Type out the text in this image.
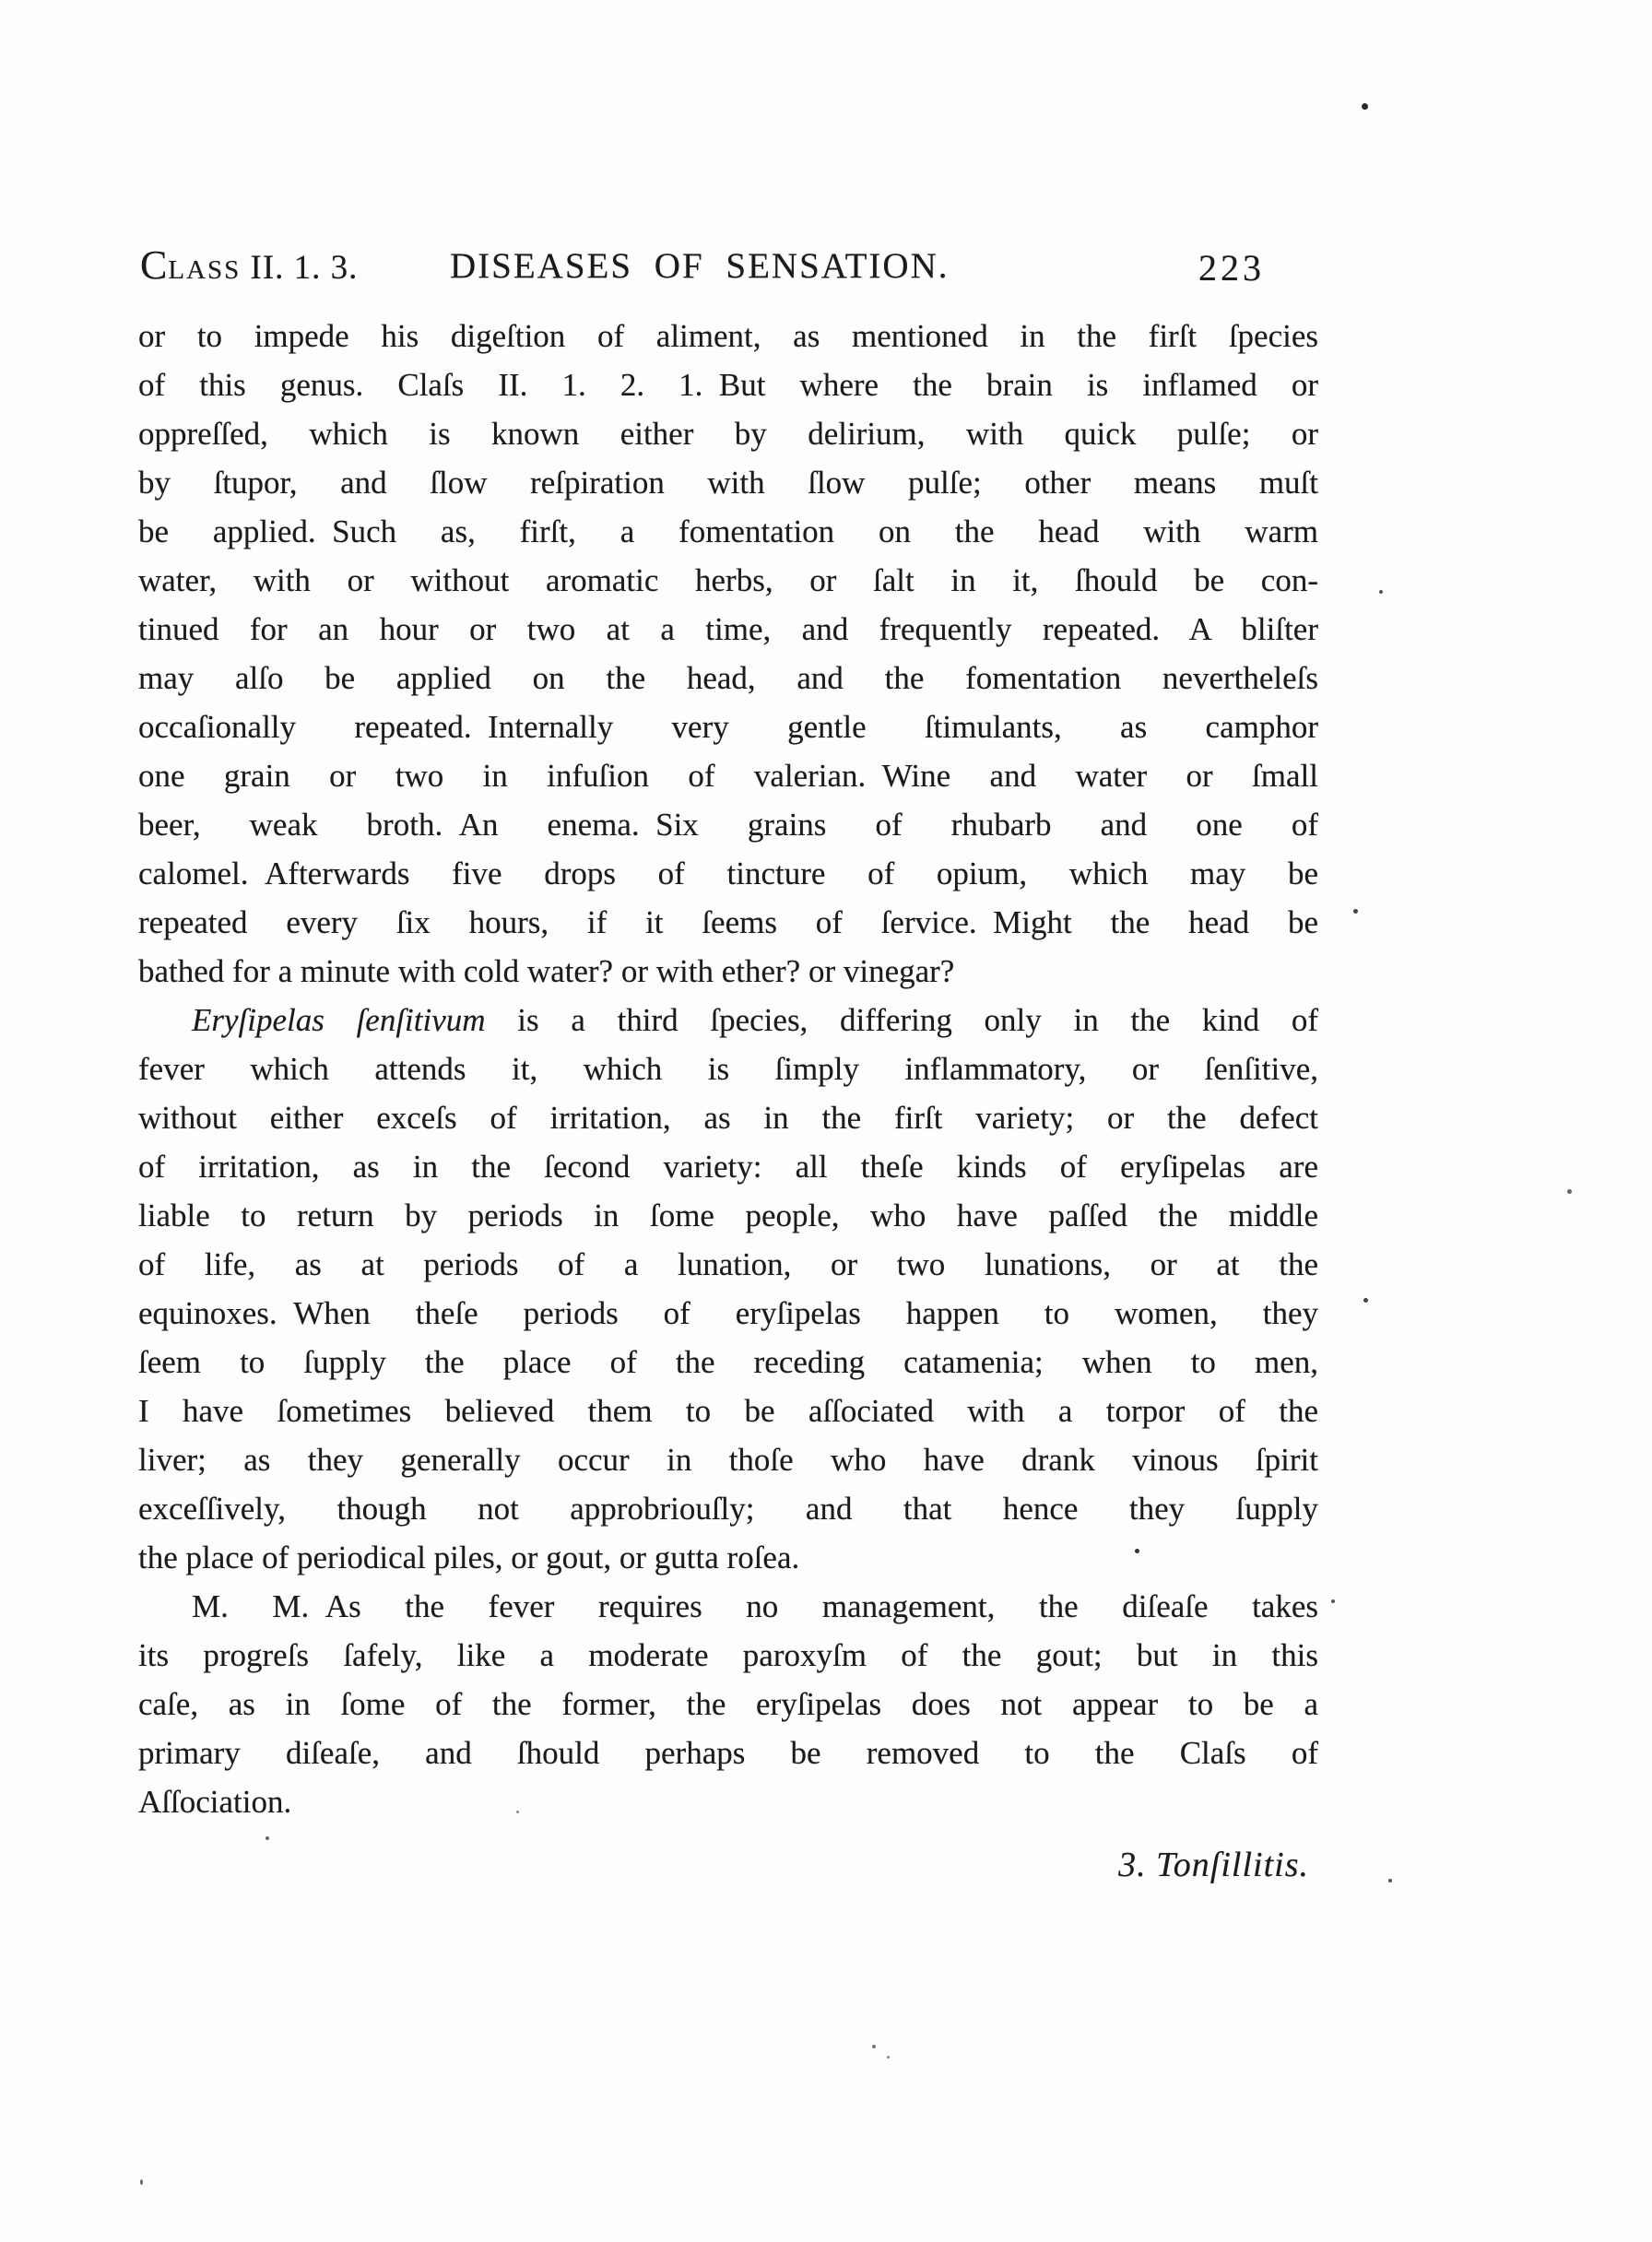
CLASS II. 1. 3.	DISEASES OF SENSATION.	223
or to impede his digeſtion of aliment, as mentioned in the firſt ſpecies
of this genus. Claſs II. 1. 2. 1. But where the brain is inflamed or
oppreſſed, which is known either by delirium, with quick pulſe; or
by ſtupor, and ſlow reſpiration with ſlow pulſe; other means muſt
be applied. Such as, firſt, a fomentation on the head with warm
water, with or without aromatic herbs, or ſalt in it, ſhould be con-
tinued for an hour or two at a time, and frequently repeated. A bliſter
may alſo be applied on the head, and the fomentation nevertheleſs
occaſionally repeated. Internally very gentle ſtimulants, as camphor
one grain or two in infuſion of valerian. Wine and water or ſmall
beer, weak broth. An enema. Six grains of rhubarb and one of
calomel. Afterwards five drops of tincture of opium, which may be
repeated every ſix hours, if it ſeems of ſervice. Might the head be
bathed for a minute with cold water? or with ether? or vinegar?
Eryſipelas ſenſitivum is a third ſpecies, differing only in the kind of
fever which attends it, which is ſimply inflammatory, or ſenſitive,
without either exceſs of irritation, as in the firſt variety; or the defect
of irritation, as in the ſecond variety: all theſe kinds of eryſipelas are
liable to return by periods in ſome people, who have paſſed the middle
of life, as at periods of a lunation, or two lunations, or at the
equinoxes. When theſe periods of eryſipelas happen to women, they
ſeem to ſupply the place of the receding catamenia; when to men,
I have ſometimes believed them to be aſſociated with a torpor of the
liver; as they generally occur in thoſe who have drank vinous ſpirit
exceſſively, though not approbriouſly; and that hence they ſupply
the place of periodical piles, or gout, or gutta roſea.
M. M. As the fever requires no management, the diſeaſe takes
its progreſs ſafely, like a moderate paroxyſm of the gout; but in this
caſe, as in ſome of the former, the eryſipelas does not appear to be a
primary diſeaſe, and ſhould perhaps be removed to the Claſs of
Aſſociation.
3. Tonſillitis.
